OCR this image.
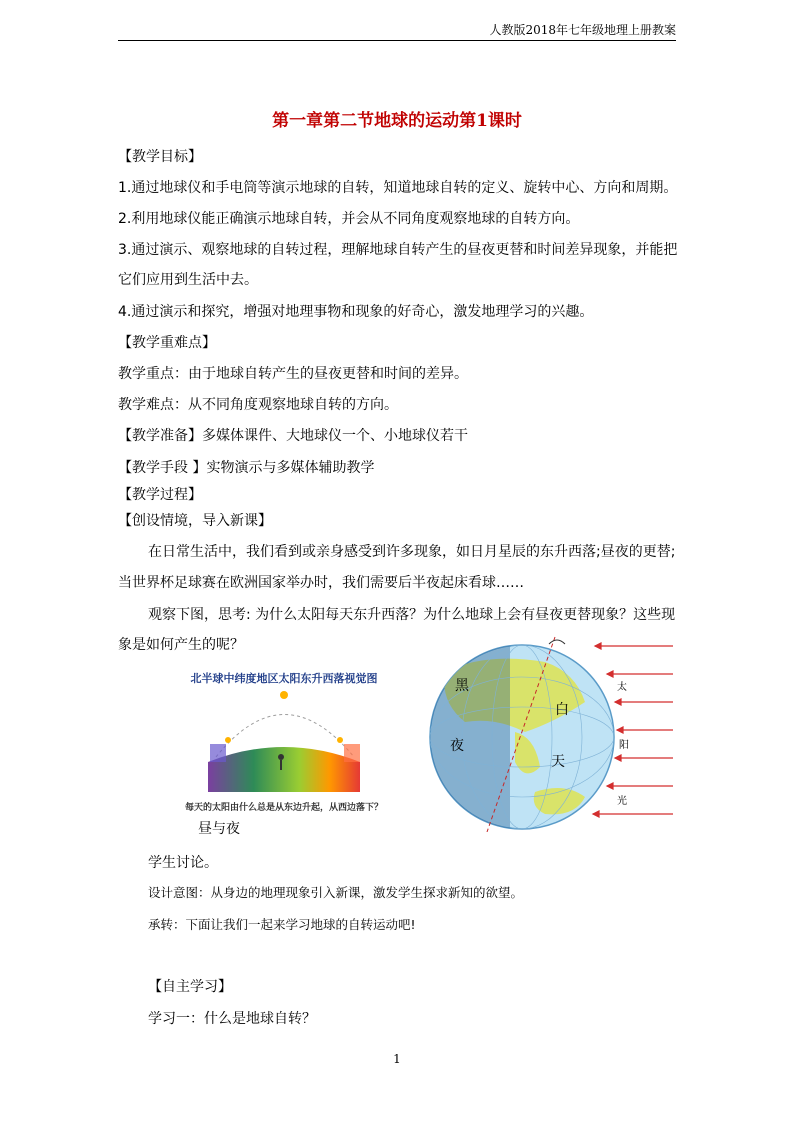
人教版2018年七年级地理上册教案
第一章第二节地球的运动第1课时
【教学目标】
1.通过地球仪和手电筒等演示地球的自转，知道地球自转的定义、旋转中心、方向和周期。
2.利用地球仪能正确演示地球自转，并会从不同角度观察地球的自转方向。
3.通过演示、观察地球的自转过程，理解地球自转产生的昼夜更替和时间差异现象，并能把
它们应用到生活中去。
4.通过演示和探究，增强对地理事物和现象的好奇心，激发地理学习的兴趣。
【教学重难点】
教学重点：由于地球自转产生的昼夜更替和时间的差异。
教学难点：从不同角度观察地球自转的方向。
【教学准备】多媒体课件、大地球仪一个、小地球仪若干
【教学手段 】实物演示与多媒体辅助教学
【教学过程】
【创设情境，导入新课】
在日常生活中，我们看到或亲身感受到许多现象，如日月星辰的东升西落;昼夜的更替;
当世界杯足球赛在欧洲国家举办时，我们需要后半夜起床看球……
观察下图，思考: 为什么太阳每天东升西落？为什么地球上会有昼夜更替现象？这些现
象是如何产生的呢？
北半球中纬度地区太阳东升西落视觉图
每天的太阳由什么总是从东边升起，从西边落下？
黑
夜
白
天
太
阳
光
昼与夜
学生讨论。
设计意图：从身边的地理现象引入新课，激发学生探求新知的欲望。
承转：下面让我们一起来学习地球的自转运动吧!
【自主学习】
学习一：什么是地球自转？
1
